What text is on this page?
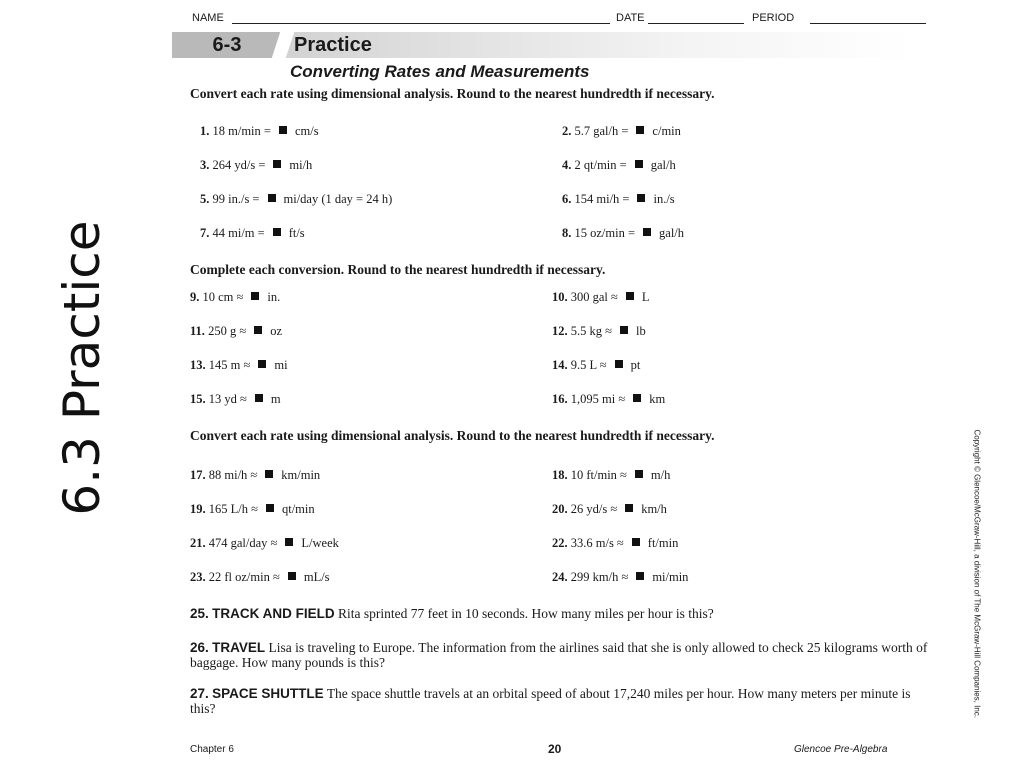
6.3 Practice
Copyright © Glencoe/McGraw-Hill, a division of The McGraw-Hill Companies, Inc.
NAME	DATE	PERIOD
6-3	Practice
Converting Rates and Measurements
Convert each rate using dimensional analysis. Round to the nearest hundredth if necessary.
1. 18 m/min = cm/s	2. 5.7 gal/h = c/min
3. 264 yd/s = mi/h	4. 2 qt/min = gal/h
5. 99 in./s = mi/day (1 day = 24 h)	6. 154 mi/h = in./s
7. 44 mi/m = ft/s	8. 15 oz/min = gal/h
Complete each conversion. Round to the nearest hundredth if necessary.
9. 10 cm ≈ in.	10. 300 gal ≈ L
11. 250 g ≈ oz	12. 5.5 kg ≈ lb
13. 145 m ≈ mi	14. 9.5 L ≈ pt
15. 13 yd ≈ m	16. 1,095 mi ≈ km
Convert each rate using dimensional analysis. Round to the nearest hundredth if necessary.
17. 88 mi/h ≈ km/min	18. 10 ft/min ≈ m/h
19. 165 L/h ≈ qt/min	20. 26 yd/s ≈ km/h
21. 474 gal/day ≈ L/week	22. 33.6 m/s ≈ ft/min
23. 22 fl oz/min ≈ mL/s	24. 299 km/h ≈ mi/min
25. TRACK AND FIELD Rita sprinted 77 feet in 10 seconds. How many miles per hour is this?
26. TRAVEL Lisa is traveling to Europe. The information from the airlines said that she is only allowed to check 25 kilograms worth of baggage. How many pounds is this?
27. SPACE SHUTTLE The space shuttle travels at an orbital speed of about 17,240 miles per hour. How many meters per minute is this?
Chapter 6	20	Glencoe Pre-Algebra
